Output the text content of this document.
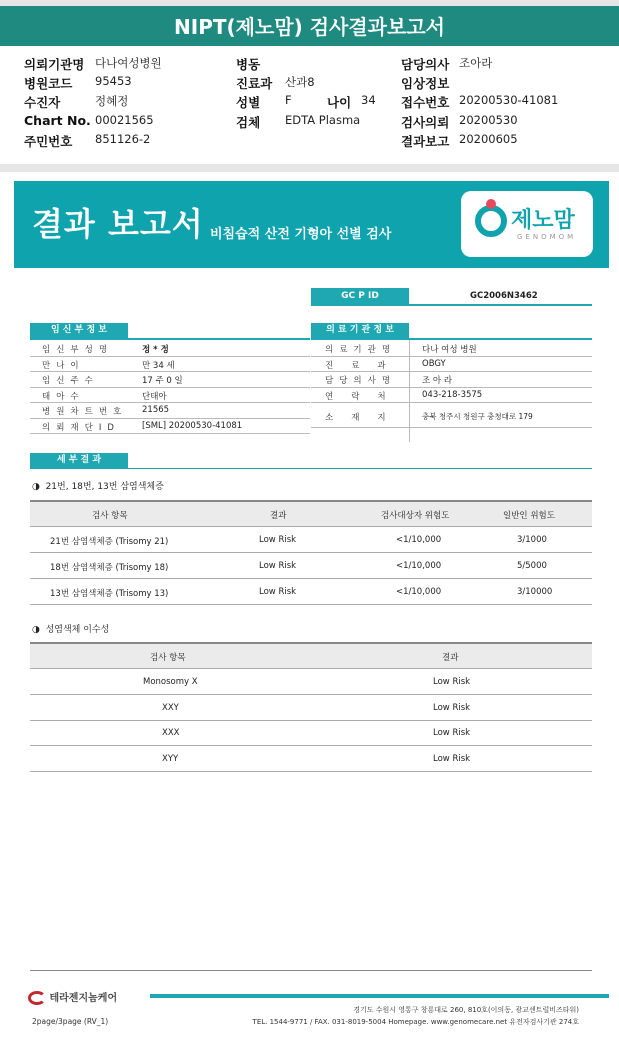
NIPT(제노맘) 검사결과보고서
의뢰기관명 다나여성병원	병동	담당의사 조아라
병원코드 95453	진료과 산과8	임상정보
수진자	정혜정	성별 F	나이 34 접수번호 20200530-41081
Chart No. 00021565	검체 EDTA Plasma	검사의뢰 20200530
주민번호 851126-2	결과보고 20200605
결과 보고서 비침습적 산전 기형아 선별 검사
제노맘
GENOMOM
GC P ID	GC2006N3462
임 신 부 정 보
임신부성명	정 * 정
만나이	만 34 세
임신주수	17 주 0 일
태아수	단태아
병원차트번호 21565
의뢰재단ID	[SML] 20200530-41081
의 료 기 관 정 보
의료기관명	다나 여성 병원
진료과 OBGY
담당의사명	조 아 라
연락처 043-218-3575
소재지 충북 청주시 청원구 충청대로 179
세 부 결 과
◑  21번, 18번, 13번 삼염색체증
검사 항목	결과	검사대상자 위험도	일반인 위험도
21번 삼염색체증 (Trisomy 21)	Low Risk	<1/10,000	3/1000
18번 삼염색체증 (Trisomy 18)	Low Risk	<1/10,000	5/5000
13번 삼염색체증 (Trisomy 13)	Low Risk	<1/10,000	3/10000
◑  성염색체 이수성
검사 항목	결과
Monosomy X	Low Risk
XXY	Low Risk
XXX	Low Risk
XYY	Low Risk
테라젠지놈케어
경기도 수원시 영통구 창룡대로 260, 810호(이의동, 광교센트럴비즈타워)
TEL. 1544-9771 / FAX. 031-8019-5004 Homepage. www.genomecare.net 유전자검사기관 274호
2page/3page (RV_1)
